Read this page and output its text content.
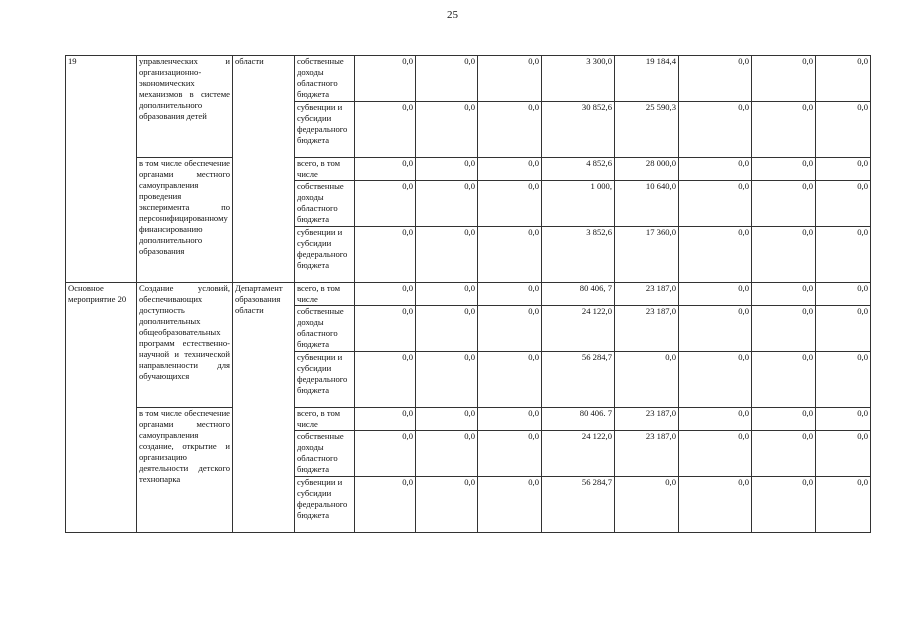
25
19	управленческих и организационно-экономических механизмов в системе дополнительного образования детей	области	собственные доходы областного бюджета	0,0	0,0	0,0	3 300,0	19 184,4	0,0	0,0	0,0
			субвенции и субсидии федерального бюджета	0,0	0,0	0,0	30 852,6	25 590,3	0,0	0,0	0,0
	в том числе обеспечение органами местного самоуправления проведения эксперимента по персонифицированному финансированию дополнительного образования		всего, в том числе	0,0	0,0	0,0	4 852,6	28 000,0	0,0	0,0	0,0
			собственные доходы областного бюджета	0,0	0,0	0,0	1 000,	10 640,0	0,0	0,0	0,0
			субвенции и субсидии федерального бюджета	0,0	0,0	0,0	3 852,6	17 360,0	0,0	0,0	0,0
Основное мероприятие 20	Создание условий, обеспечивающих доступность дополнительных общеобразовательных программ естественно-научной и технической направленности для обучающихся	Департамент образования области	всего, в том числе	0,0	0,0	0,0	80 406, 7	23 187,0	0,0	0,0	0,0
			собственные доходы областного бюджета	0,0	0,0	0,0	24 122,0	23 187,0	0,0	0,0	0,0
			субвенции и субсидии федерального бюджета	0,0	0,0	0,0	56 284,7	0,0	0,0	0,0	0,0
	в том числе обеспечение органами местного самоуправления создание, открытие и организацию деятельности детского технопарка		всего, в том числе	0,0	0,0	0,0	80 406. 7	23 187,0	0,0	0,0	0,0
			собственные доходы областного бюджета	0,0	0,0	0,0	24 122,0	23 187,0	0,0	0,0	0,0
			субвенции и субсидии федерального бюджета	0,0	0,0	0,0	56 284,7	0,0	0,0	0,0	0,0
